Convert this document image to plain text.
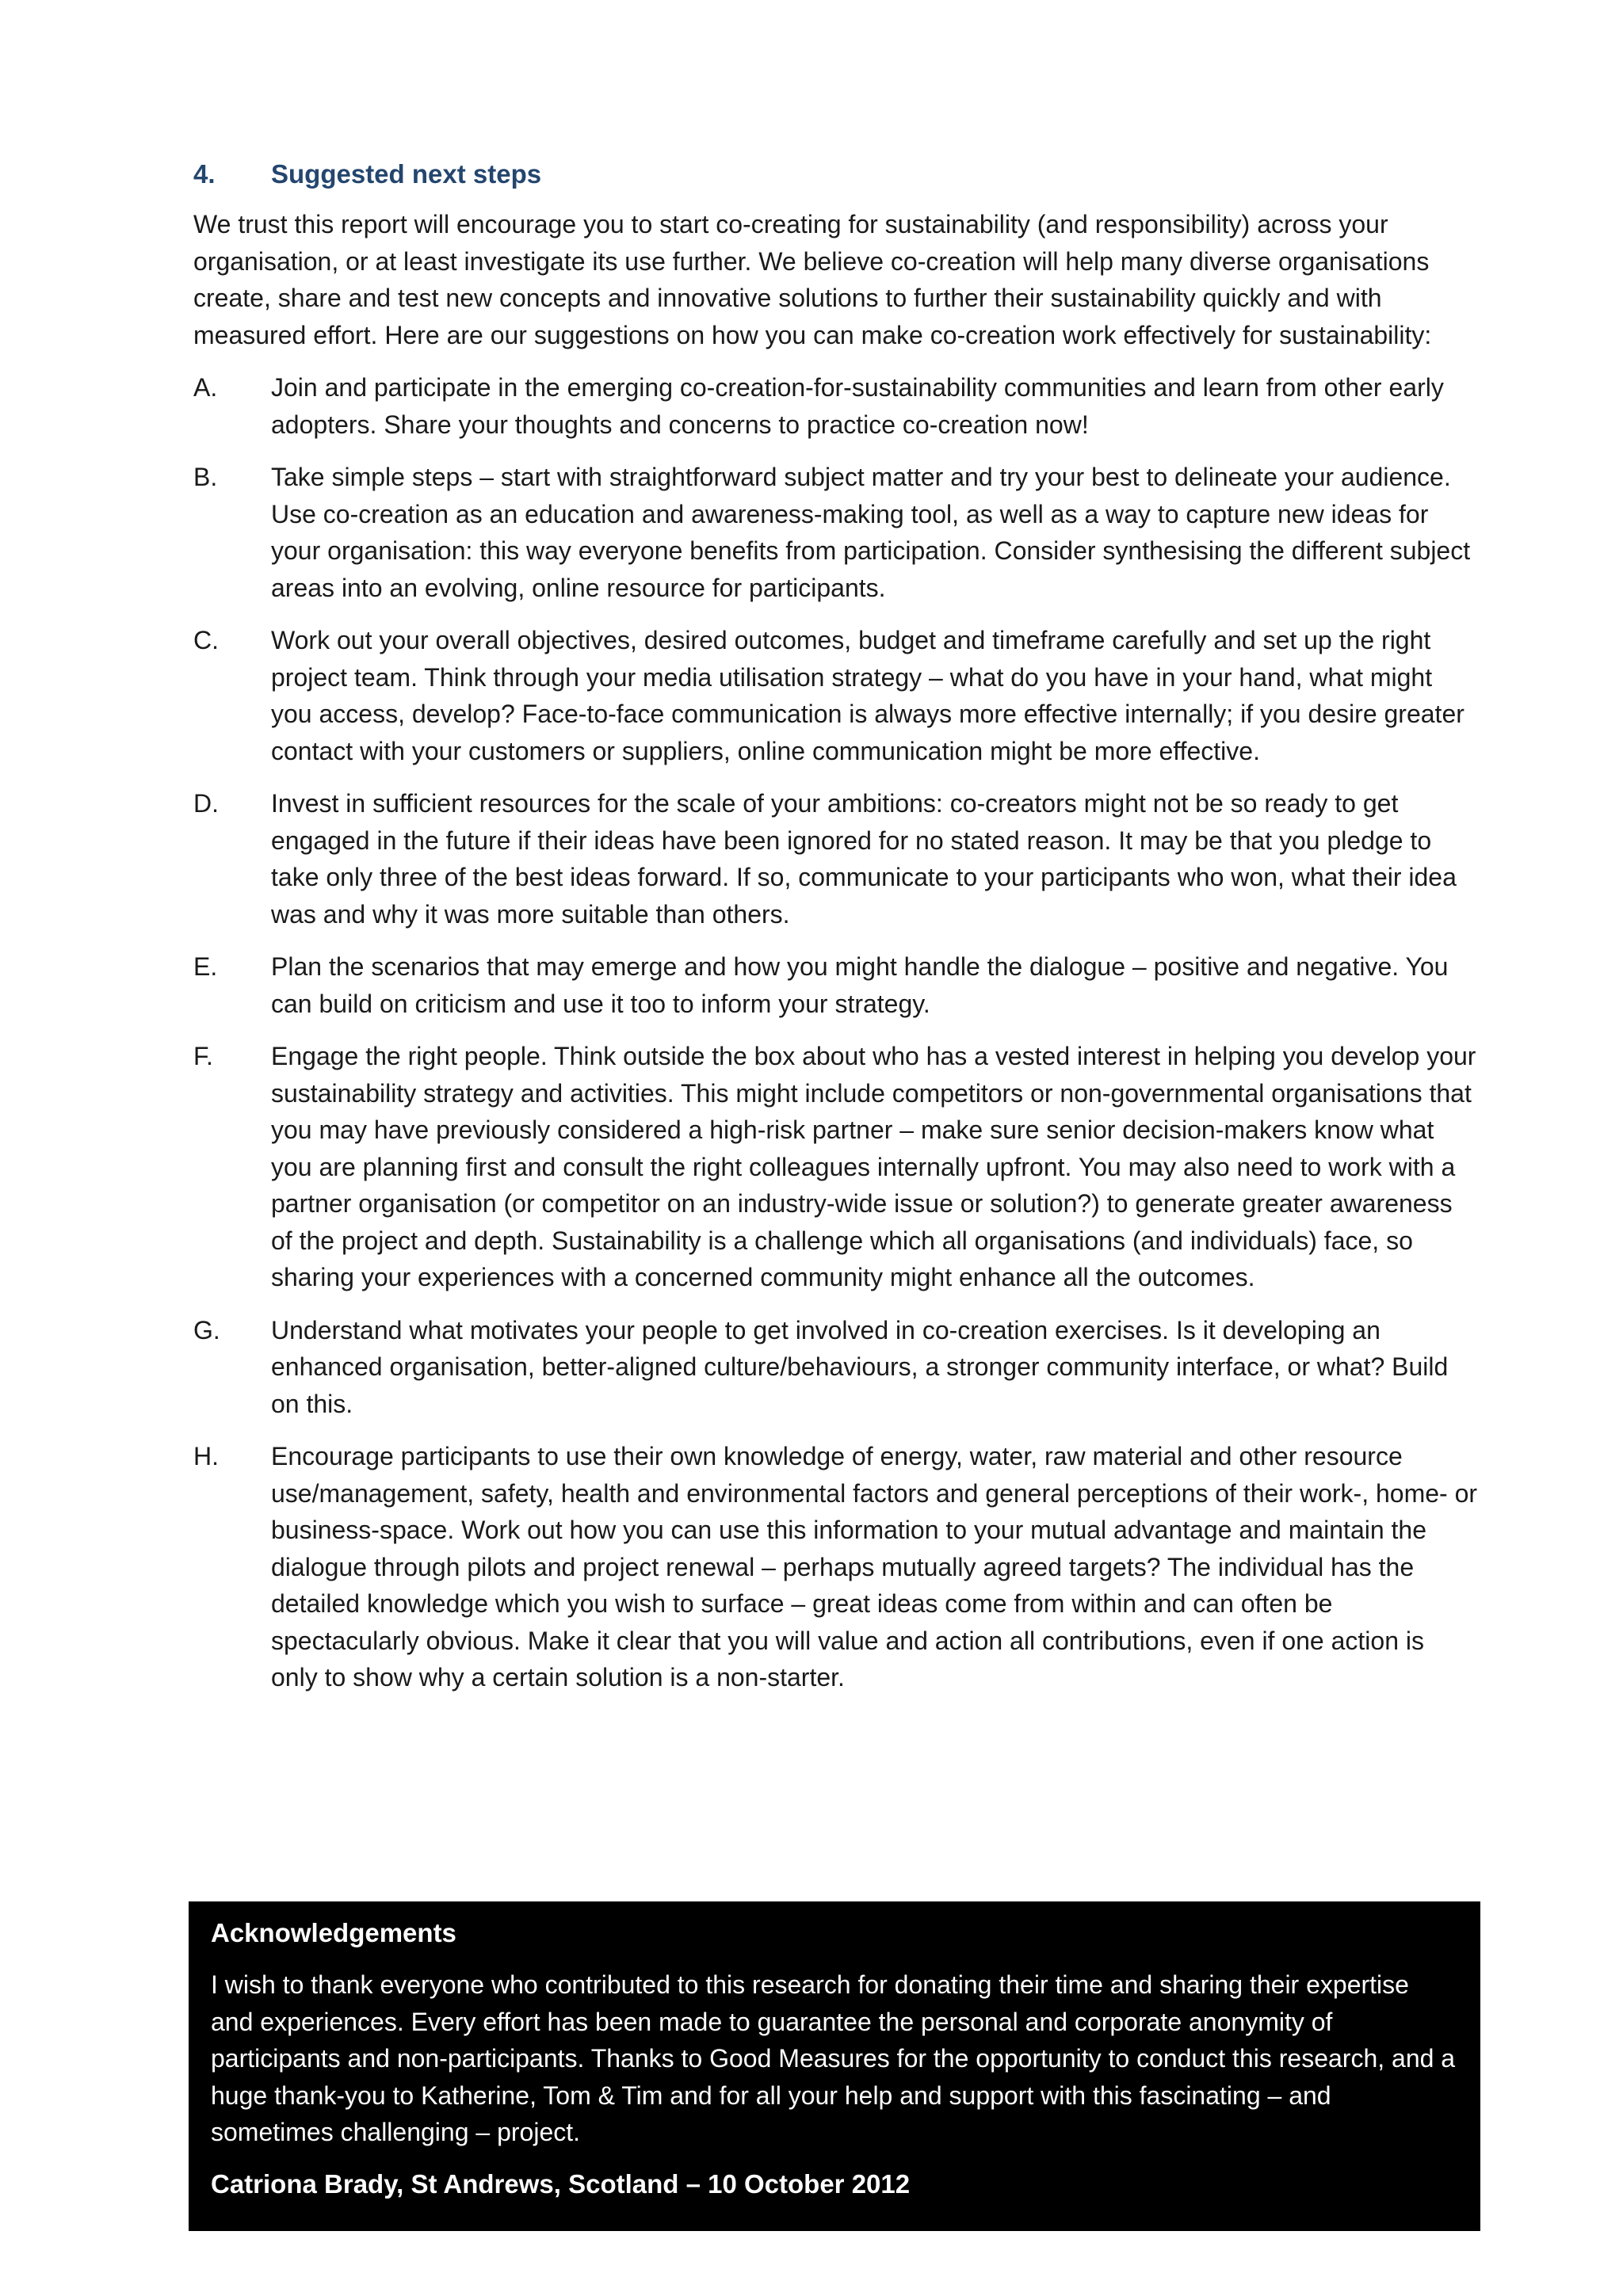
4.	Suggested next steps

We trust this report will encourage you to start co-creating for sustainability (and responsibility) across your organisation, or at least investigate its use further. We believe co-creation will help many diverse organisations create, share and test new concepts and innovative solutions to further their sustainability quickly and with measured effort. Here are our suggestions on how you can make co-creation work effectively for sustainability:

A.	Join and participate in the emerging co-creation-for-sustainability communities and learn from other early adopters. Share your thoughts and concerns to practice co-creation now!
B.	Take simple steps – start with straightforward subject matter and try your best to delineate your audience. Use co-creation as an education and awareness-making tool, as well as a way to capture new ideas for your organisation: this way everyone benefits from participation. Consider synthesising the different subject areas into an evolving, online resource for participants.
C.	Work out your overall objectives, desired outcomes, budget and timeframe carefully and set up the right project team. Think through your media utilisation strategy – what do you have in your hand, what might you access, develop? Face-to-face communication is always more effective internally; if you desire greater contact with your customers or suppliers, online communication might be more effective.
D.	Invest in sufficient resources for the scale of your ambitions: co-creators might not be so ready to get engaged in the future if their ideas have been ignored for no stated reason. It may be that you pledge to take only three of the best ideas forward. If so, communicate to your participants who won, what their idea was and why it was more suitable than others.
E.	Plan the scenarios that may emerge and how you might handle the dialogue – positive and negative. You can build on criticism and use it too to inform your strategy.
F.	Engage the right people. Think outside the box about who has a vested interest in helping you develop your sustainability strategy and activities. This might include competitors or non-governmental organisations that you may have previously considered a high-risk partner – make sure senior decision-makers know what you are planning first and consult the right colleagues internally upfront. You may also need to work with a partner organisation (or competitor on an industry-wide issue or solution?) to generate greater awareness of the project and depth. Sustainability is a challenge which all organisations (and individuals) face, so sharing your experiences with a concerned community might enhance all the outcomes.
G.	Understand what motivates your people to get involved in co-creation exercises. Is it developing an enhanced organisation, better-aligned culture/behaviours, a stronger community interface, or what? Build on this.
H.	Encourage participants to use their own knowledge of energy, water, raw material and other resource use/management, safety, health and environmental factors and general perceptions of their work-, home- or business-space. Work out how you can use this information to your mutual advantage and maintain the dialogue through pilots and project renewal – perhaps mutually agreed targets? The individual has the detailed knowledge which you wish to surface – great ideas come from within and can often be spectacularly obvious. Make it clear that you will value and action all contributions, even if one action is only to show why a certain solution is a non-starter.

Acknowledgements

I wish to thank everyone who contributed to this research for donating their time and sharing their expertise and experiences. Every effort has been made to guarantee the personal and corporate anonymity of participants and non-participants. Thanks to Good Measures for the opportunity to conduct this research, and a huge thank-you to Katherine, Tom & Tim and for all your help and support with this fascinating – and sometimes challenging – project.

Catriona Brady, St Andrews, Scotland – 10 October 2012
